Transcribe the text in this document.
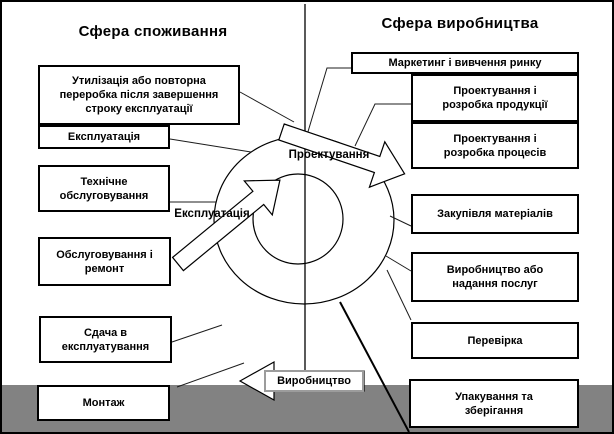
Сфера споживання	Сфера виробництва
Утилізація або повторна переробка після завершення строку експлуатації
Експлуатація
Технічне обслуговування
Обслуговування і ремонт
Сдача в експлуатування
Монтаж
Маркетинг і вивчення ринку
Проектування і розробка продукції
Проектування і розробка процесів
Закупівля матеріалів
Виробництво або надання послуг
Перевірка
Упакування та зберігання
Проектування
Експлуатація
Виробництво
